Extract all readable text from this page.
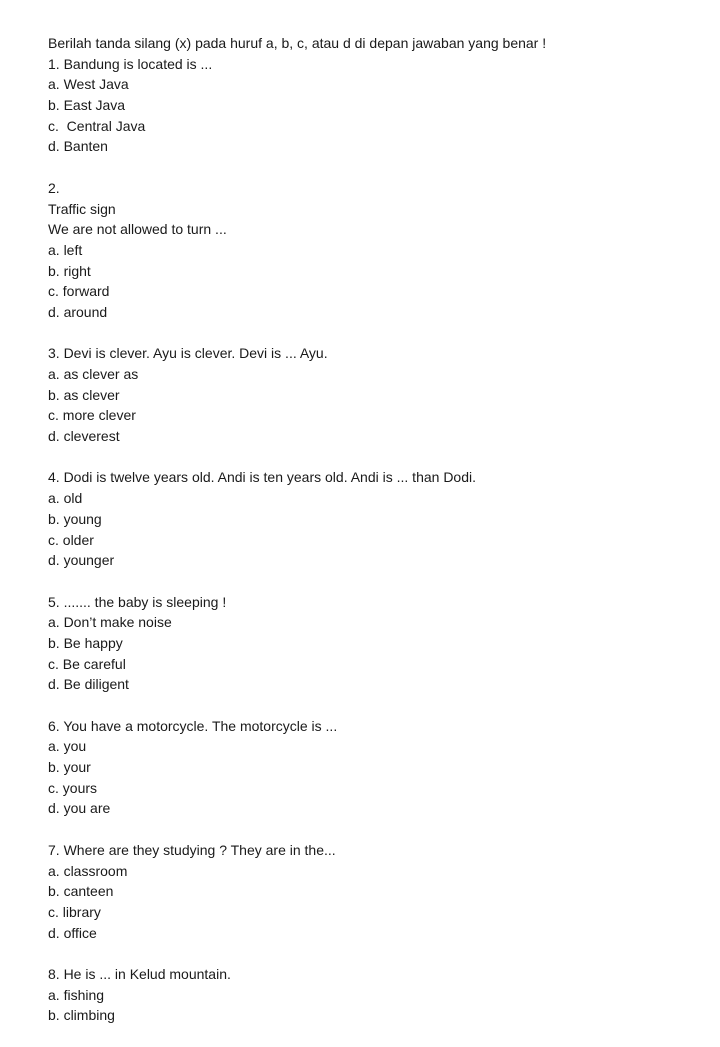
Berilah tanda silang (x) pada huruf a, b, c, atau d di depan jawaban yang benar !
1. Bandung is located is ...
a. West Java
b. East Java
c.  Central Java
d. Banten
2.
Traffic sign
We are not allowed to turn ...
a. left
b. right
c. forward
d. around
3. Devi is clever. Ayu is clever. Devi is ... Ayu.
a. as clever as
b. as clever
c. more clever
d. cleverest
4. Dodi is twelve years old. Andi is ten years old. Andi is ... than Dodi.
a. old
b. young
c. older
d. younger
5. ....... the baby is sleeping !
a. Don’t make noise
b. Be happy
c. Be careful
d. Be diligent
6. You have a motorcycle. The motorcycle is ...
a. you
b. your
c. yours
d. you are
7. Where are they studying ? They are in the...
a. classroom
b. canteen
c. library
d. office
8. He is ... in Kelud mountain.
a. fishing
b. climbing
